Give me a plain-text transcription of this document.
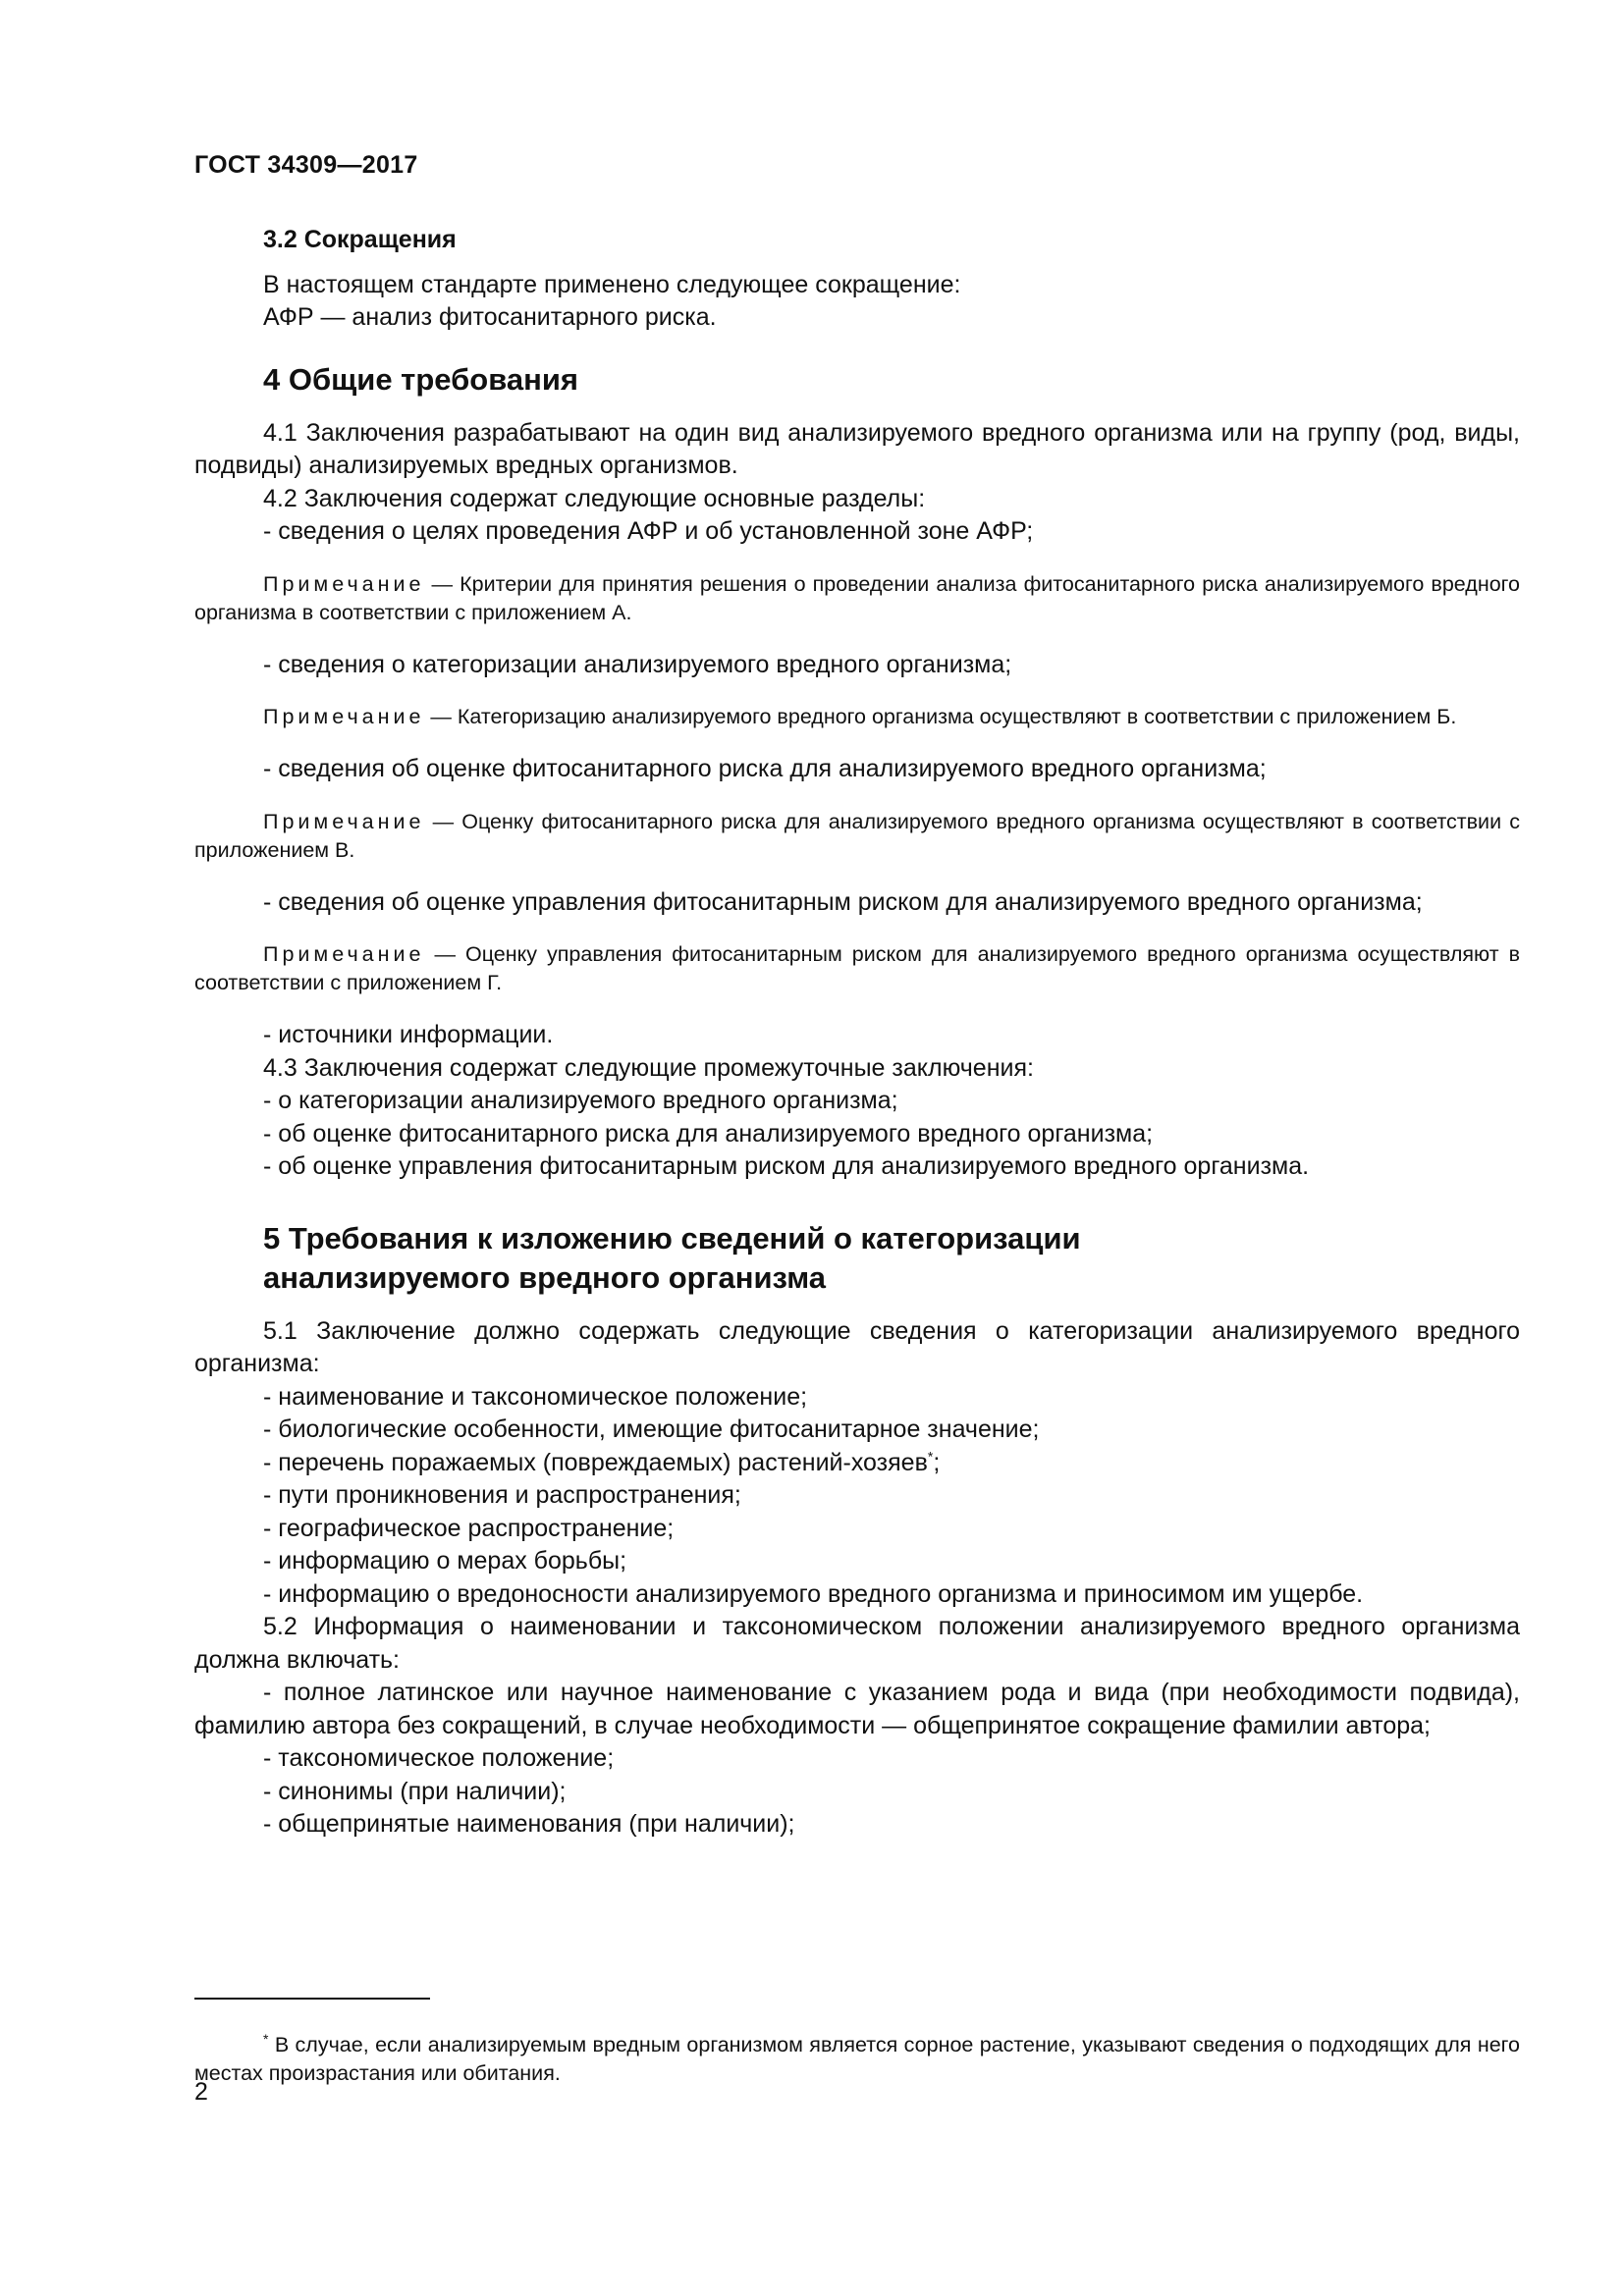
ГОСТ 34309—2017

3.2 Сокращения

В настоящем стандарте применено следующее сокращение:

АФР — анализ фитосанитарного риска.

4 Общие требования

4.1 Заключения разрабатывают на один вид анализируемого вредного организма или на группу (род, виды, подвиды) анализируемых вредных организмов.

4.2 Заключения содержат следующие основные разделы:

- сведения о целях проведения АФР и об установленной зоне АФР;

Примечание — Критерии для принятия решения о проведении анализа фитосанитарного риска анализируемого вредного организма в соответствии с приложением А.

- сведения о категоризации анализируемого вредного организма;

Примечание — Категоризацию анализируемого вредного организма осуществляют в соответствии с приложением Б.

- сведения об оценке фитосанитарного риска для анализируемого вредного организма;

Примечание — Оценку фитосанитарного риска для анализируемого вредного организма осуществляют в соответствии с приложением В.

- сведения об оценке управления фитосанитарным риском для анализируемого вредного организма;

Примечание — Оценку управления фитосанитарным риском для анализируемого вредного организма осуществляют в соответствии с приложением Г.

- источники информации.

4.3 Заключения содержат следующие промежуточные заключения:

- о категоризации анализируемого вредного организма;

- об оценке фитосанитарного риска для анализируемого вредного организма;

- об оценке управления фитосанитарным риском для анализируемого вредного организма.

5 Требования к изложению сведений о категоризации

анализируемого вредного организма

5.1 Заключение должно содержать следующие сведения о категоризации анализируемого вредного организма:

- наименование и таксономическое положение;

- биологические особенности, имеющие фитосанитарное значение;

- перечень поражаемых (повреждаемых) растений-хозяев*;

- пути проникновения и распространения;

- географическое распространение;

- информацию о мерах борьбы;

- информацию о вредоносности анализируемого вредного организма и приносимом им ущербе.

5.2 Информация о наименовании и таксономическом положении анализируемого вредного организма должна включать:

- полное латинское или научное наименование с указанием рода и вида (при необходимости подвида), фамилию автора без сокращений, в случае необходимости — общепринятое сокращение фамилии автора;

- таксономическое положение;

- синонимы (при наличии);

- общепринятые наименования (при наличии);

* В случае, если анализируемым вредным организмом является сорное растение, указывают сведения о подходящих для него местах произрастания или обитания.

2
